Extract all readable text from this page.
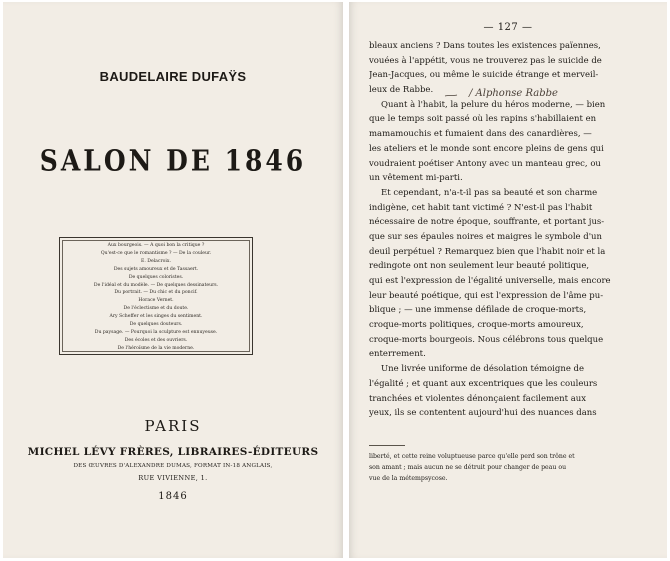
BAUDELAIRE DUFAŸS
SALON DE 1846
Aux bourgeois. — A quoi bon la critique ?
Qu'est-ce que le romantisme ? — De la couleur.
E. Delacroix.
Des sujets amoureux et de Tassaert.
De quelques coloristes.
De l'idéal et du modèle. — De quelques dessinateurs.
Du portrait. — Du chic et du poncif.
Horace Vernet.
De l'éclectisme et du doute.
Ary Scheffer et les singes du sentiment.
De quelques douteurs.
Du paysage. — Pourquoi la sculpture est ennuyeuse.
Des écoles et des ouvriers.
De l'héroïsme de la vie moderne.
PARIS
MICHEL LÉVY FRÈRES, LIBRAIRES-ÉDITEURS
DES ŒUVRES D'ALEXANDRE DUMAS, FORMAT IN-18 ANGLAIS,
RUE VIVIENNE, 1.
1846
— 127 —
bleaux anciens ? Dans toutes les existences païennes,
vouées à l'appétit, vous ne trouverez pas le suicide de
Jean-Jacques, ou même le suicide étrange et merveil-
leux de Rabbe.
Quant à l'habit, la pelure du héros moderne, — bien
que le temps soit passé où les rapins s'habillaient en
mamamouchis et fumaient dans des canardières, —
les ateliers et le monde sont encore pleins de gens qui
voudraient poétiser Antony avec un manteau grec, ou
un vêtement mi-parti.
Et cependant, n'a-t-il pas sa beauté et son charme
indigène, cet habit tant victimé ? N'est-il pas l'habit
nécessaire de notre époque, souffrante, et portant jus-
que sur ses épaules noires et maigres le symbole d'un
deuil perpétuel ? Remarquez bien que l'habit noir et la
redingote ont non seulement leur beauté politique,
qui est l'expression de l'égalité universelle, mais encore
leur beauté poétique, qui est l'expression de l'âme pu-
blique ; — une immense défilade de croque-morts,
croque-morts politiques, croque-morts amoureux,
croque-morts bourgeois. Nous célébrons tous quelque
enterrement.
Une livrée uniforme de désolation témoigne de
l'égalité ; et quant aux excentriques que les couleurs
tranchées et violentes dénonçaient facilement aux
yeux, ils se contentent aujourd'hui des nuances dans
/ Alphonse Rabbe
liberté, et cette reine voluptueuse parce qu'elle perd son trône et
son amant ; mais aucun ne se détruit pour changer de peau ou
vue de la métempsycose.
